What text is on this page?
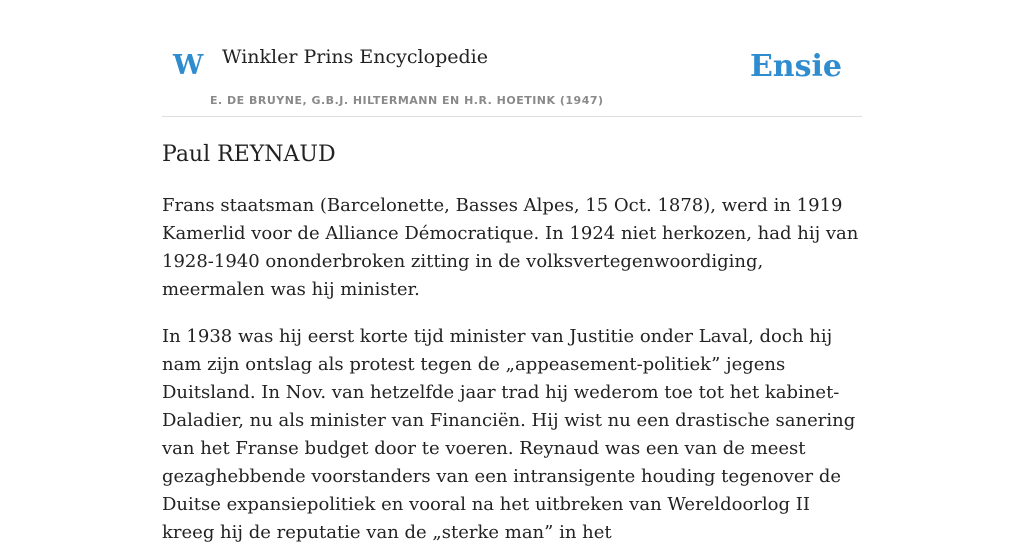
W Winkler Prins Encyclopedie
E. DE BRUYNE, G.B.J. HILTERMANN EN H.R. HOETINK (1947)
Ensie
Paul REYNAUD

Frans staatsman (Barcelonette, Basses Alpes, 15 Oct. 1878), werd in 1919 Kamerlid voor de Alliance Démocratique. In 1924 niet herkozen, had hij van 1928-1940 ononderbroken zitting in de volksvertegenwoordiging, meermalen was hij minister.

In 1938 was hij eerst korte tijd minister van Justitie onder Laval, doch hij nam zijn ontslag als protest tegen de „appeasement-politiek” jegens Duitsland. In Nov. van hetzelfde jaar trad hij wederom toe tot het kabinet-Daladier, nu als minister van Financiën. Hij wist nu een drastische sanering van het Franse budget door te voeren. Reynaud was een van de meest gezaghebbende voorstanders van een intransigente houding tegenover de Duitse expansiepolitiek en vooral na het uitbreken van Wereldoorlog II kreeg hij de reputatie van de „sterke man” in het
